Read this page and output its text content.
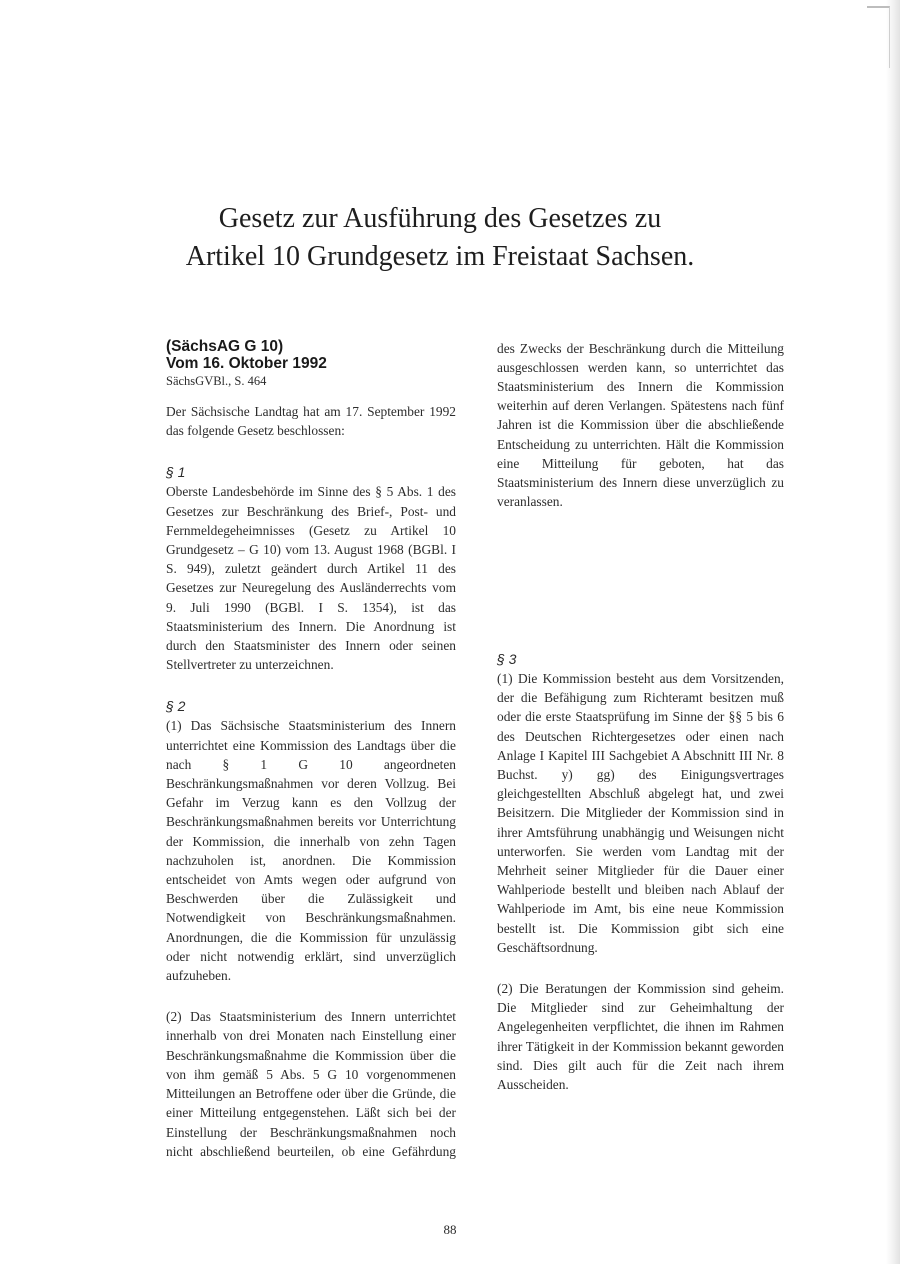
Gesetz zur Ausführung des Gesetzes zu
Artikel 10 Grundgesetz im Freistaat Sachsen.

(SächsAG G 10)

Vom 16. Oktober 1992

SächsGVBl., S. 464

Der Sächsische Landtag hat am 17. September 1992 das folgende Gesetz beschlossen:

§ 1

Oberste Landesbehörde im Sinne des § 5 Abs. 1 des Gesetzes zur Beschränkung des Brief-, Post- und Fernmeldegeheimnisses (Gesetz zu Artikel 10 Grundgesetz – G 10) vom 13. August 1968 (BGBl. I S. 949), zuletzt geändert durch Artikel 11 des Gesetzes zur Neuregelung des Ausländerrechts vom 9. Juli 1990 (BGBl. I S. 1354), ist das Staatsministerium des Innern. Die Anordnung ist durch den Staatsminister des Innern oder seinen Stellvertreter zu unterzeichnen.

§ 2

(1) Das Sächsische Staatsministerium des Innern unterrichtet eine Kommission des Landtags über die nach § 1 G 10 angeordneten Beschränkungsmaßnahmen vor deren Vollzug. Bei Gefahr im Verzug kann es den Vollzug der Beschränkungsmaßnahmen bereits vor Unterrichtung der Kommission, die innerhalb von zehn Tagen nachzuholen ist, anordnen. Die Kommission entscheidet von Amts wegen oder aufgrund von Beschwerden über die Zulässigkeit und Notwendigkeit von Beschränkungsmaßnahmen. Anordnungen, die die Kommission für unzulässig oder nicht notwendig erklärt, sind unverzüglich aufzuheben.

(2) Das Staatsministerium des Innern unterrichtet innerhalb von drei Monaten nach Einstellung einer Beschränkungsmaßnahme die Kommission über die von ihm gemäß 5 Abs. 5 G 10 vorgenommenen Mitteilungen an Betroffene oder über die Gründe, die einer Mitteilung entgegenstehen. Läßt sich bei der Einstellung der Beschränkungsmaßnahmen noch nicht abschließend beurteilen, ob eine Gefährdung

des Zwecks der Beschränkung durch die Mitteilung ausgeschlossen werden kann, so unterrichtet das Staatsministerium des Innern die Kommission weiterhin auf deren Verlangen. Spätestens nach fünf Jahren ist die Kommission über die abschließende Entscheidung zu unterrichten. Hält die Kommission eine Mitteilung für geboten, hat das Staatsministerium des Innern diese unverzüglich zu veranlassen.

§ 3

(1) Die Kommission besteht aus dem Vorsitzenden, der die Befähigung zum Richteramt besitzen muß oder die erste Staatsprüfung im Sinne der §§ 5 bis 6 des Deutschen Richtergesetzes oder einen nach Anlage I Kapitel III Sachgebiet A Abschnitt III Nr. 8 Buchst. y) gg) des Einigungsvertrages gleichgestellten Abschluß abgelegt hat, und zwei Beisitzern. Die Mitglieder der Kommission sind in ihrer Amtsführung unabhängig und Weisungen nicht unterworfen. Sie werden vom Landtag mit der Mehrheit seiner Mitglieder für die Dauer einer Wahlperiode bestellt und bleiben nach Ablauf der Wahlperiode im Amt, bis eine neue Kommission bestellt ist. Die Kommission gibt sich eine Geschäftsordnung.

(2) Die Beratungen der Kommission sind geheim. Die Mitglieder sind zur Geheimhaltung der Angelegenheiten verpflichtet, die ihnen im Rahmen ihrer Tätigkeit in der Kommission bekannt geworden sind. Dies gilt auch für die Zeit nach ihrem Ausscheiden.

88
